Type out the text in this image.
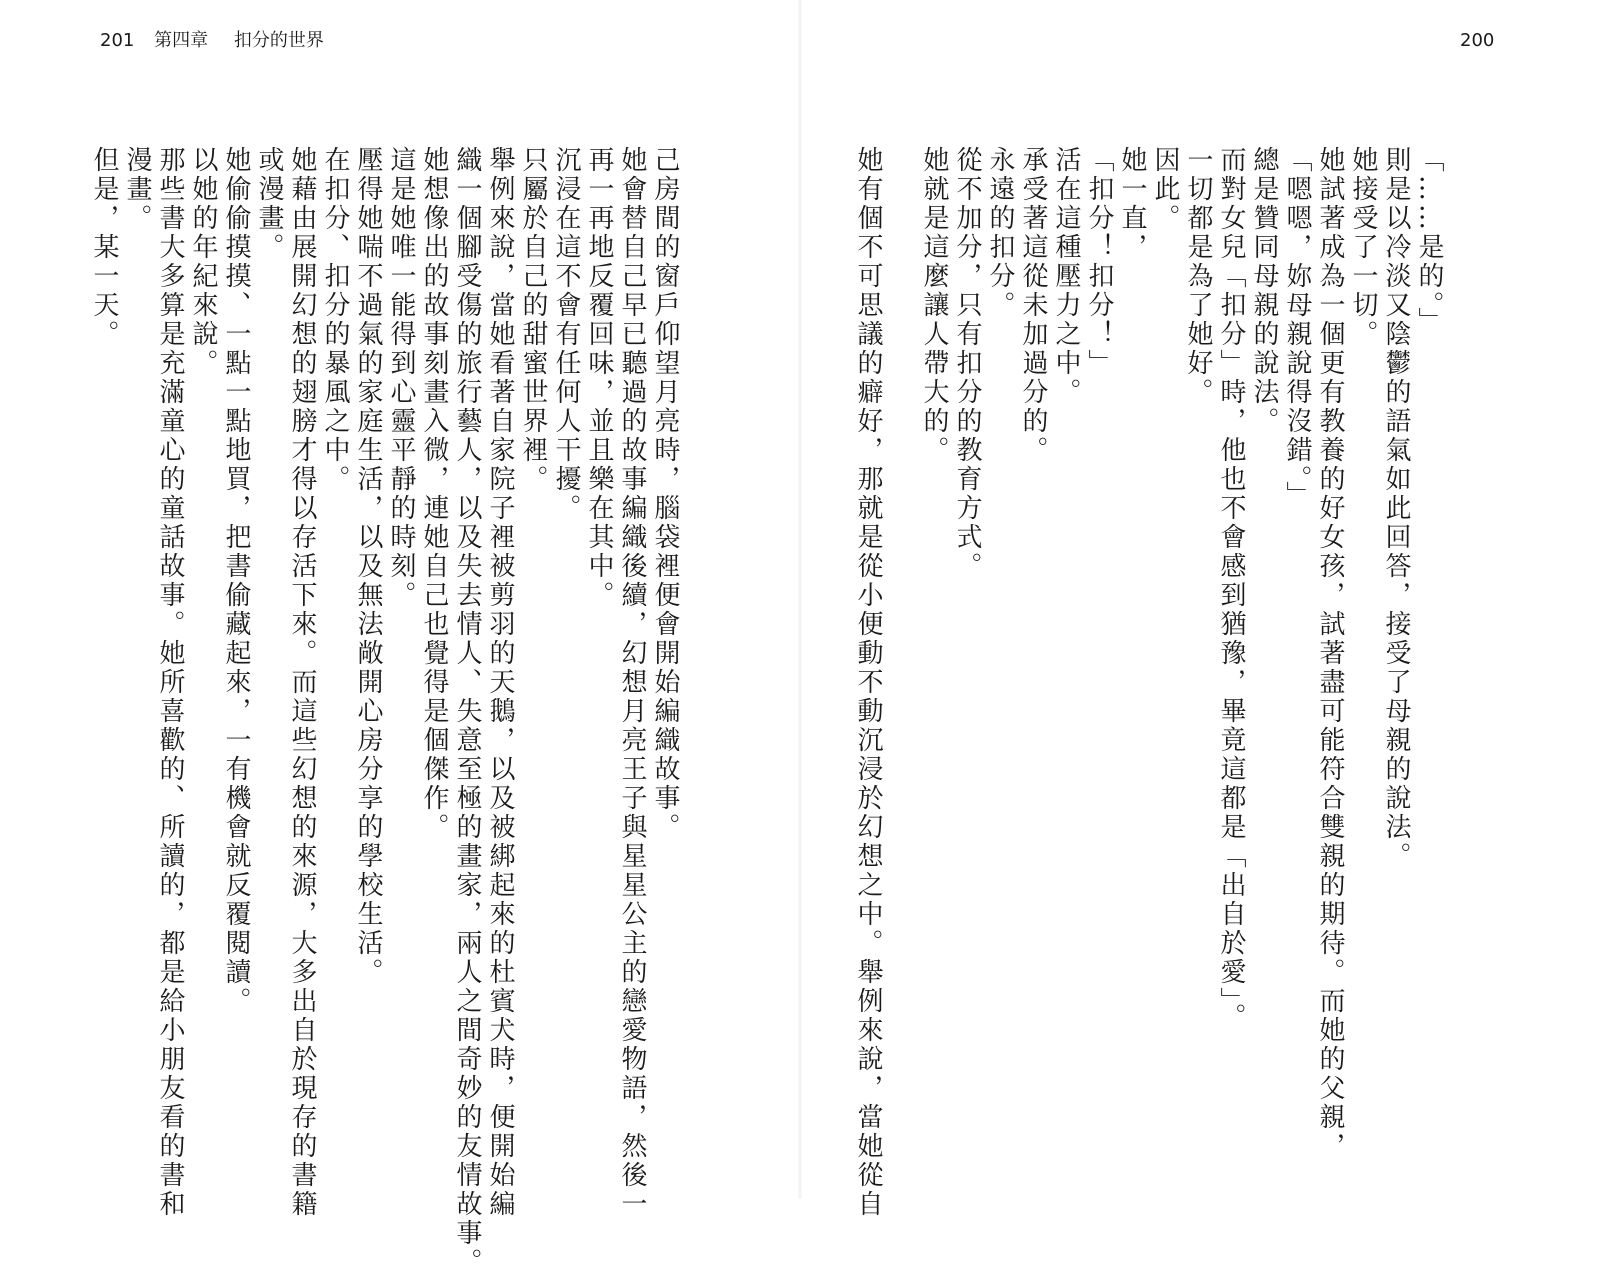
201 第四章 扣分的世界	200
「……是的。」
則是以冷淡又陰鬱的語氣如此回答，接受了母親的說法。
她接受了一切。
她試著成為一個更有教養的好女孩，試著盡可能符合雙親的期待。而她的父親，
「嗯嗯，妳母親說得沒錯。」
總是贊同母親的說法。
而對女兒「扣分」時，他也不會感到猶豫，畢竟這都是「出自於愛」。
一切都是為了她好。
因此。
她一直，
「扣分！扣分！」
活在這種壓力之中。
承受著這從未加過分的。
永遠的扣分。
從不加分，只有扣分的教育方式。
她就是這麼讓人帶大的。
她有個不可思議的癖好，那就是從小便動不動沉浸於幻想之中。舉例來說，當她從自
己房間的窗戶仰望月亮時，腦袋裡便會開始編織故事。
她會替自己早已聽過的故事編織後續，幻想月亮王子與星星公主的戀愛物語，然後一
再一再地反覆回味，並且樂在其中。
沉浸在這不會有任何人干擾。
只屬於自己的甜蜜世界裡。
舉例來說，當她看著自家院子裡被剪羽的天鵝，以及被綁起來的杜賓犬時，便開始編
織一個腳受傷的旅行藝人，以及失去情人、失意至極的畫家，兩人之間奇妙的友情故事。
她想像出的故事刻畫入微，連她自己也覺得是個傑作。
這是她唯一能得到心靈平靜的時刻。
壓得她喘不過氣的家庭生活，以及無法敞開心房分享的學校生活。
在扣分、扣分的暴風之中。
她藉由展開幻想的翅膀才得以存活下來。而這些幻想的來源，大多出自於現存的書籍
或漫畫。
她偷偷摸摸、一點一點地買，把書偷藏起來，一有機會就反覆閱讀。
以她的年紀來說。
那些書大多算是充滿童心的童話故事。她所喜歡的、所讀的，都是給小朋友看的書和
漫畫。
但是，某一天。
